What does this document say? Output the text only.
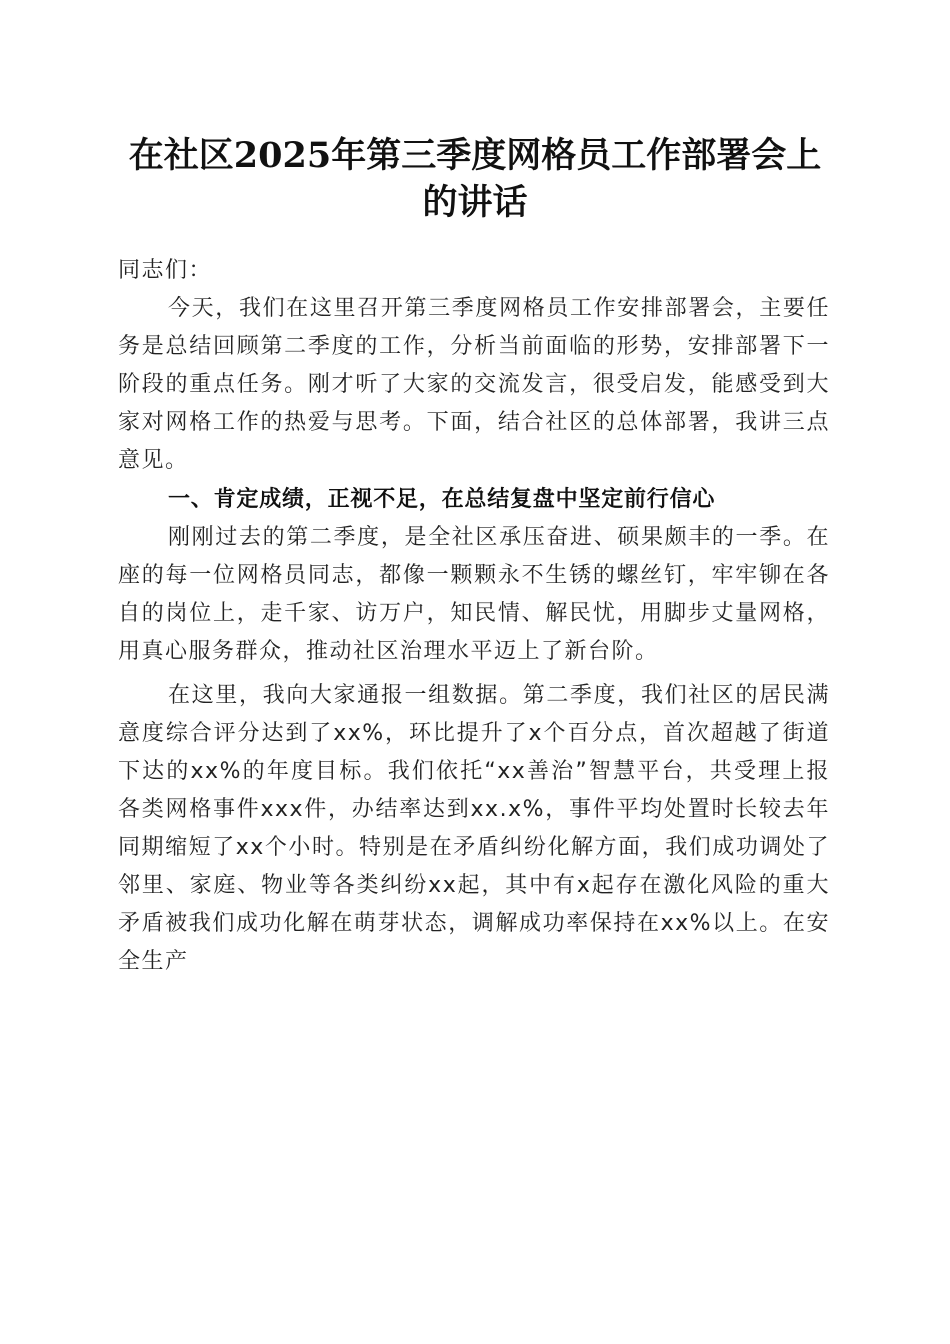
在社区2025年第三季度网格员工作部署会上
的讲话

同志们：

今天，我们在这里召开第三季度网格员工作安排部署会，主要任务是总结回顾第二季度的工作，分析当前面临的形势，安排部署下一阶段的重点任务。刚才听了大家的交流发言，很受启发，能感受到大家对网格工作的热爱与思考。下面，结合社区的总体部署，我讲三点意见。

一、肯定成绩，正视不足，在总结复盘中坚定前行信心

刚刚过去的第二季度，是全社区承压奋进、硕果颇丰的一季。在座的每一位网格员同志，都像一颗颗永不生锈的螺丝钉，牢牢铆在各自的岗位上，走千家、访万户，知民情、解民忧，用脚步丈量网格，用真心服务群众，推动社区治理水平迈上了新台阶。

在这里，我向大家通报一组数据。第二季度，我们社区的居民满意度综合评分达到了xx%，环比提升了x个百分点，首次超越了街道下达的xx%的年度目标。我们依托“xx善治”智慧平台，共受理上报各类网格事件xxx件，办结率达到xx.x%，事件平均处置时长较去年同期缩短了xx个小时。特别是在矛盾纠纷化解方面，我们成功调处了邻里、家庭、物业等各类纠纷xx起，其中有x起存在激化风险的重大矛盾被我们成功化解在萌芽状态，调解成功率保持在xx%以上。在安全生产
